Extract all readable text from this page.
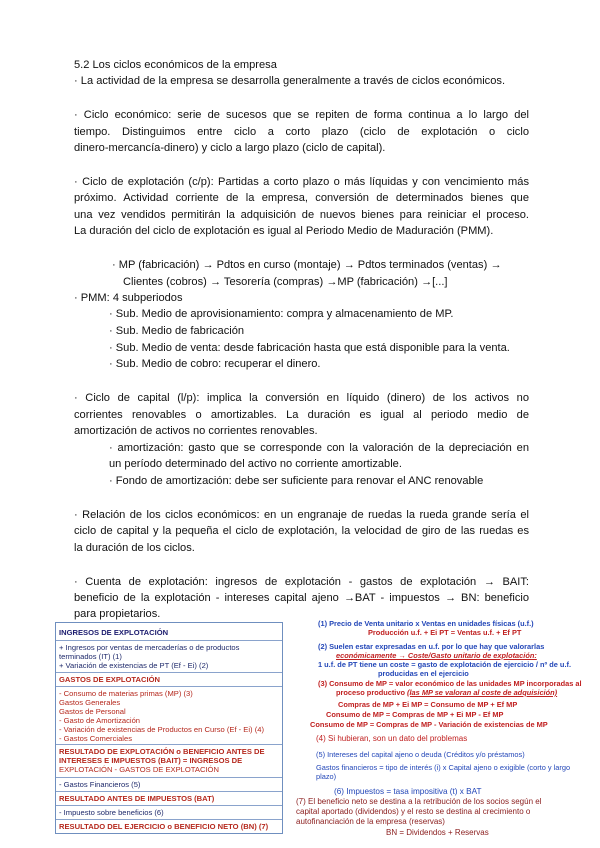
5.2 Los ciclos económicos de la empresa
· La actividad de la empresa se desarrolla generalmente a través de ciclos económicos.
· Ciclo económico: serie de sucesos que se repiten de forma continua a lo largo del
tiempo. Distinguimos entre ciclo a corto plazo (ciclo de explotación o ciclo
dinero-mercancía-dinero) y ciclo a largo plazo (ciclo de capital).
· Ciclo de explotación (c/p): Partidas a corto plazo o más líquidas y con vencimiento más
próximo. Actividad corriente de la empresa, conversión de determinados bienes que
una vez vendidos permitirán la adquisición de nuevos bienes para reiniciar el proceso.
La duración del ciclo de explotación es igual al Periodo Medio de Maduración (PMM).
· MP (fabricación) → Pdtos en curso (montaje) → Pdtos terminados (ventas) →
Clientes (cobros) → Tesorería (compras) →MP (fabricación) →[...]
· PMM: 4 subperiodos
· Sub. Medio de aprovisionamiento: compra y almacenamiento de MP.
· Sub. Medio de fabricación
· Sub. Medio de venta: desde fabricación hasta que está disponible para la venta.
· Sub. Medio de cobro: recuperar el dinero.
· Ciclo de capital (l/p): implica la conversión en líquido (dinero) de los activos no
corrientes renovables o amortizables. La duración es igual al periodo medio de
amortización de activos no corrientes renovables.
· amortización: gasto que se corresponde con la valoración de la depreciación en
un período determinado del activo no corriente amortizable.
· Fondo de amortización: debe ser suficiente para renovar el ANC renovable
· Relación de los ciclos económicos: en un engranaje de ruedas la rueda grande sería el
ciclo de capital y la pequeña el ciclo de explotación, la velocidad de giro de las ruedas es
la duración de los ciclos.
· Cuenta de explotación: ingresos de explotación - gastos de explotación → BAIT:
beneficio de la explotación - intereses capital ajeno →BAT - impuestos → BN: beneficio
para propietarios.
INGRESOS DE EXPLOTACIÓN
+ Ingresos por ventas de mercaderías o de productos
terminados (IT) (1)
+ Variación de existencias de PT (Ef - Ei) (2)
GASTOS DE EXPLOTACIÓN
- Consumo de materias primas (MP) (3)
Gastos Generales
Gastos de Personal
- Gasto de Amortización
- Variación de existencias de Productos en Curso (Ef - Ei) (4)
- Gastos Comerciales
RESULTADO DE EXPLOTACIÓN o BENEFICIO ANTES DE
INTERESES E IMPUESTOS (BAIT) = INGRESOS DE
EXPLOTACIÓN - GASTOS DE EXPLOTACIÓN
- Gastos Financieros (5)
RESULTADO ANTES DE IMPUESTOS (BAT)
- Impuesto sobre beneficios (6)
RESULTADO DEL EJERCICIO o BENEFICIO NETO (BN) (7)
(1) Precio de Venta unitario x Ventas en unidades físicas (u.f.)
Producción u.f. + Ei PT = Ventas u.f. + Ef PT
(2) Suelen estar expresadas en u.f. por lo que hay que valorarlas
económicamente → Coste/Gasto unitario de explotación:
1 u.f. de PT tiene un coste = gasto de explotación de ejercicio / nº de u.f.
producidas en el ejercicio
(3) Consumo de MP = valor económico de las unidades MP incorporadas al
proceso productivo (las MP se valoran al coste de adquisición)
Compras de MP + Ei MP = Consumo de MP + Ef MP
Consumo de MP = Compras de MP + Ei MP - Ef MP
Consumo de MP = Compras de MP - Variación de existencias de MP
(4) Si hubieran, son un dato del problemas
(5) Intereses del capital ajeno o deuda (Créditos y/o préstamos)
Gastos financieros = tipo de interés (i) x Capital ajeno o exigible (corto y largo
plazo)
(6) Impuestos = tasa impositiva (t) x BAT
(7) El beneficio neto se destina a la retribución de los socios según el
capital aportado (dividendos) y el resto se destina al crecimiento o
autofinanciación de la empresa (reservas)
BN = Dividendos + Reservas
